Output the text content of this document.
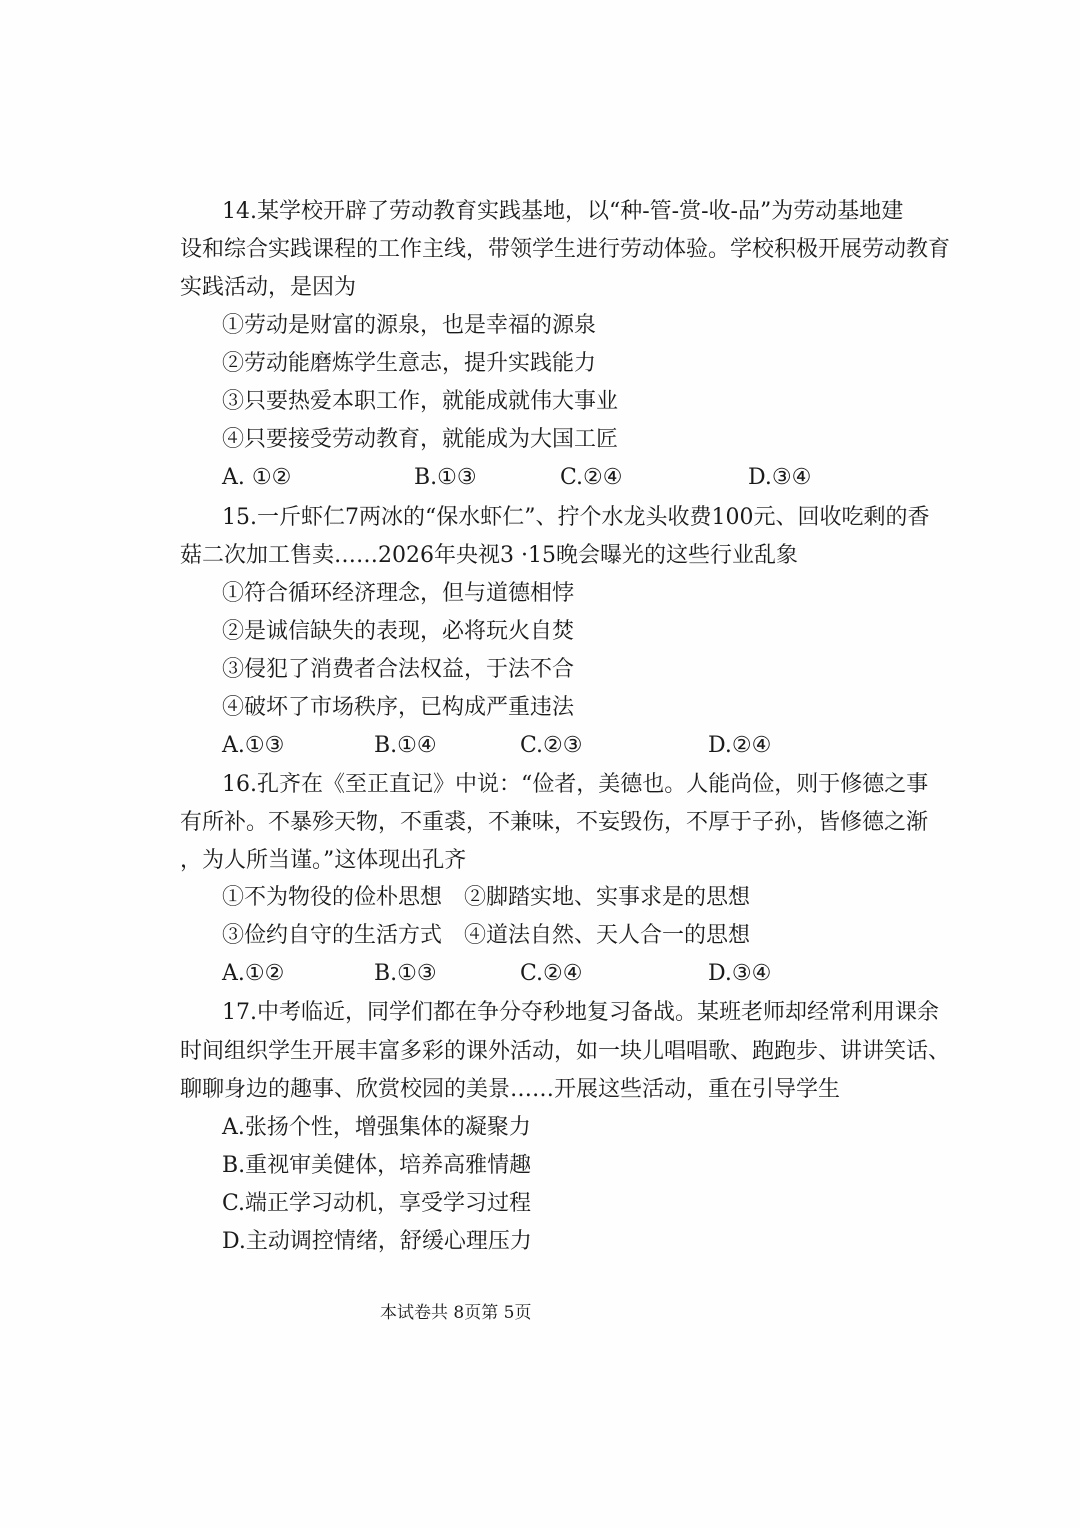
14.某学校开辟了劳动教育实践基地，以“种-管-赏-收-品”为劳动基地建
设和综合实践课程的工作主线，带领学生进行劳动体验。学校积极开展劳动教育
实践活动，是因为
①劳动是财富的源泉，也是幸福的源泉
②劳动能磨炼学生意志，提升实践能力
③只要热爱本职工作，就能成就伟大事业
④只要接受劳动教育，就能成为大国工匠
A. ①②	B.①③	C.②④	D.③④
15.一斤虾仁7两冰的“保水虾仁”、拧个水龙头收费100元、回收吃剩的香
菇二次加工售卖……2026年央视3 ·15晚会曝光的这些行业乱象
①符合循环经济理念，但与道德相悖
②是诚信缺失的表现，必将玩火自焚
③侵犯了消费者合法权益，于法不合
④破坏了市场秩序，已构成严重违法
A.①③	B.①④	C.②③	D.②④
16.孔齐在《至正直记》中说：“俭者，美德也。人能尚俭，则于修德之事
有所补。不暴殄天物，不重裘，不兼味，不妄毁伤，不厚于子孙，皆修德之渐
，为人所当谨。”这体现出孔齐
①不为物役的俭朴思想　②脚踏实地、实事求是的思想
③俭约自守的生活方式　④道法自然、天人合一的思想
A.①②	B.①③	C.②④	D.③④
17.中考临近，同学们都在争分夺秒地复习备战。某班老师却经常利用课余
时间组织学生开展丰富多彩的课外活动，如一块儿唱唱歌、跑跑步、讲讲笑话、
聊聊身边的趣事、欣赏校园的美景……开展这些活动，重在引导学生
A.张扬个性，增强集体的凝聚力
B.重视审美健体，培养高雅情趣
C.端正学习动机，享受学习过程
D.主动调控情绪，舒缓心理压力
本试卷共 8页第 5页
